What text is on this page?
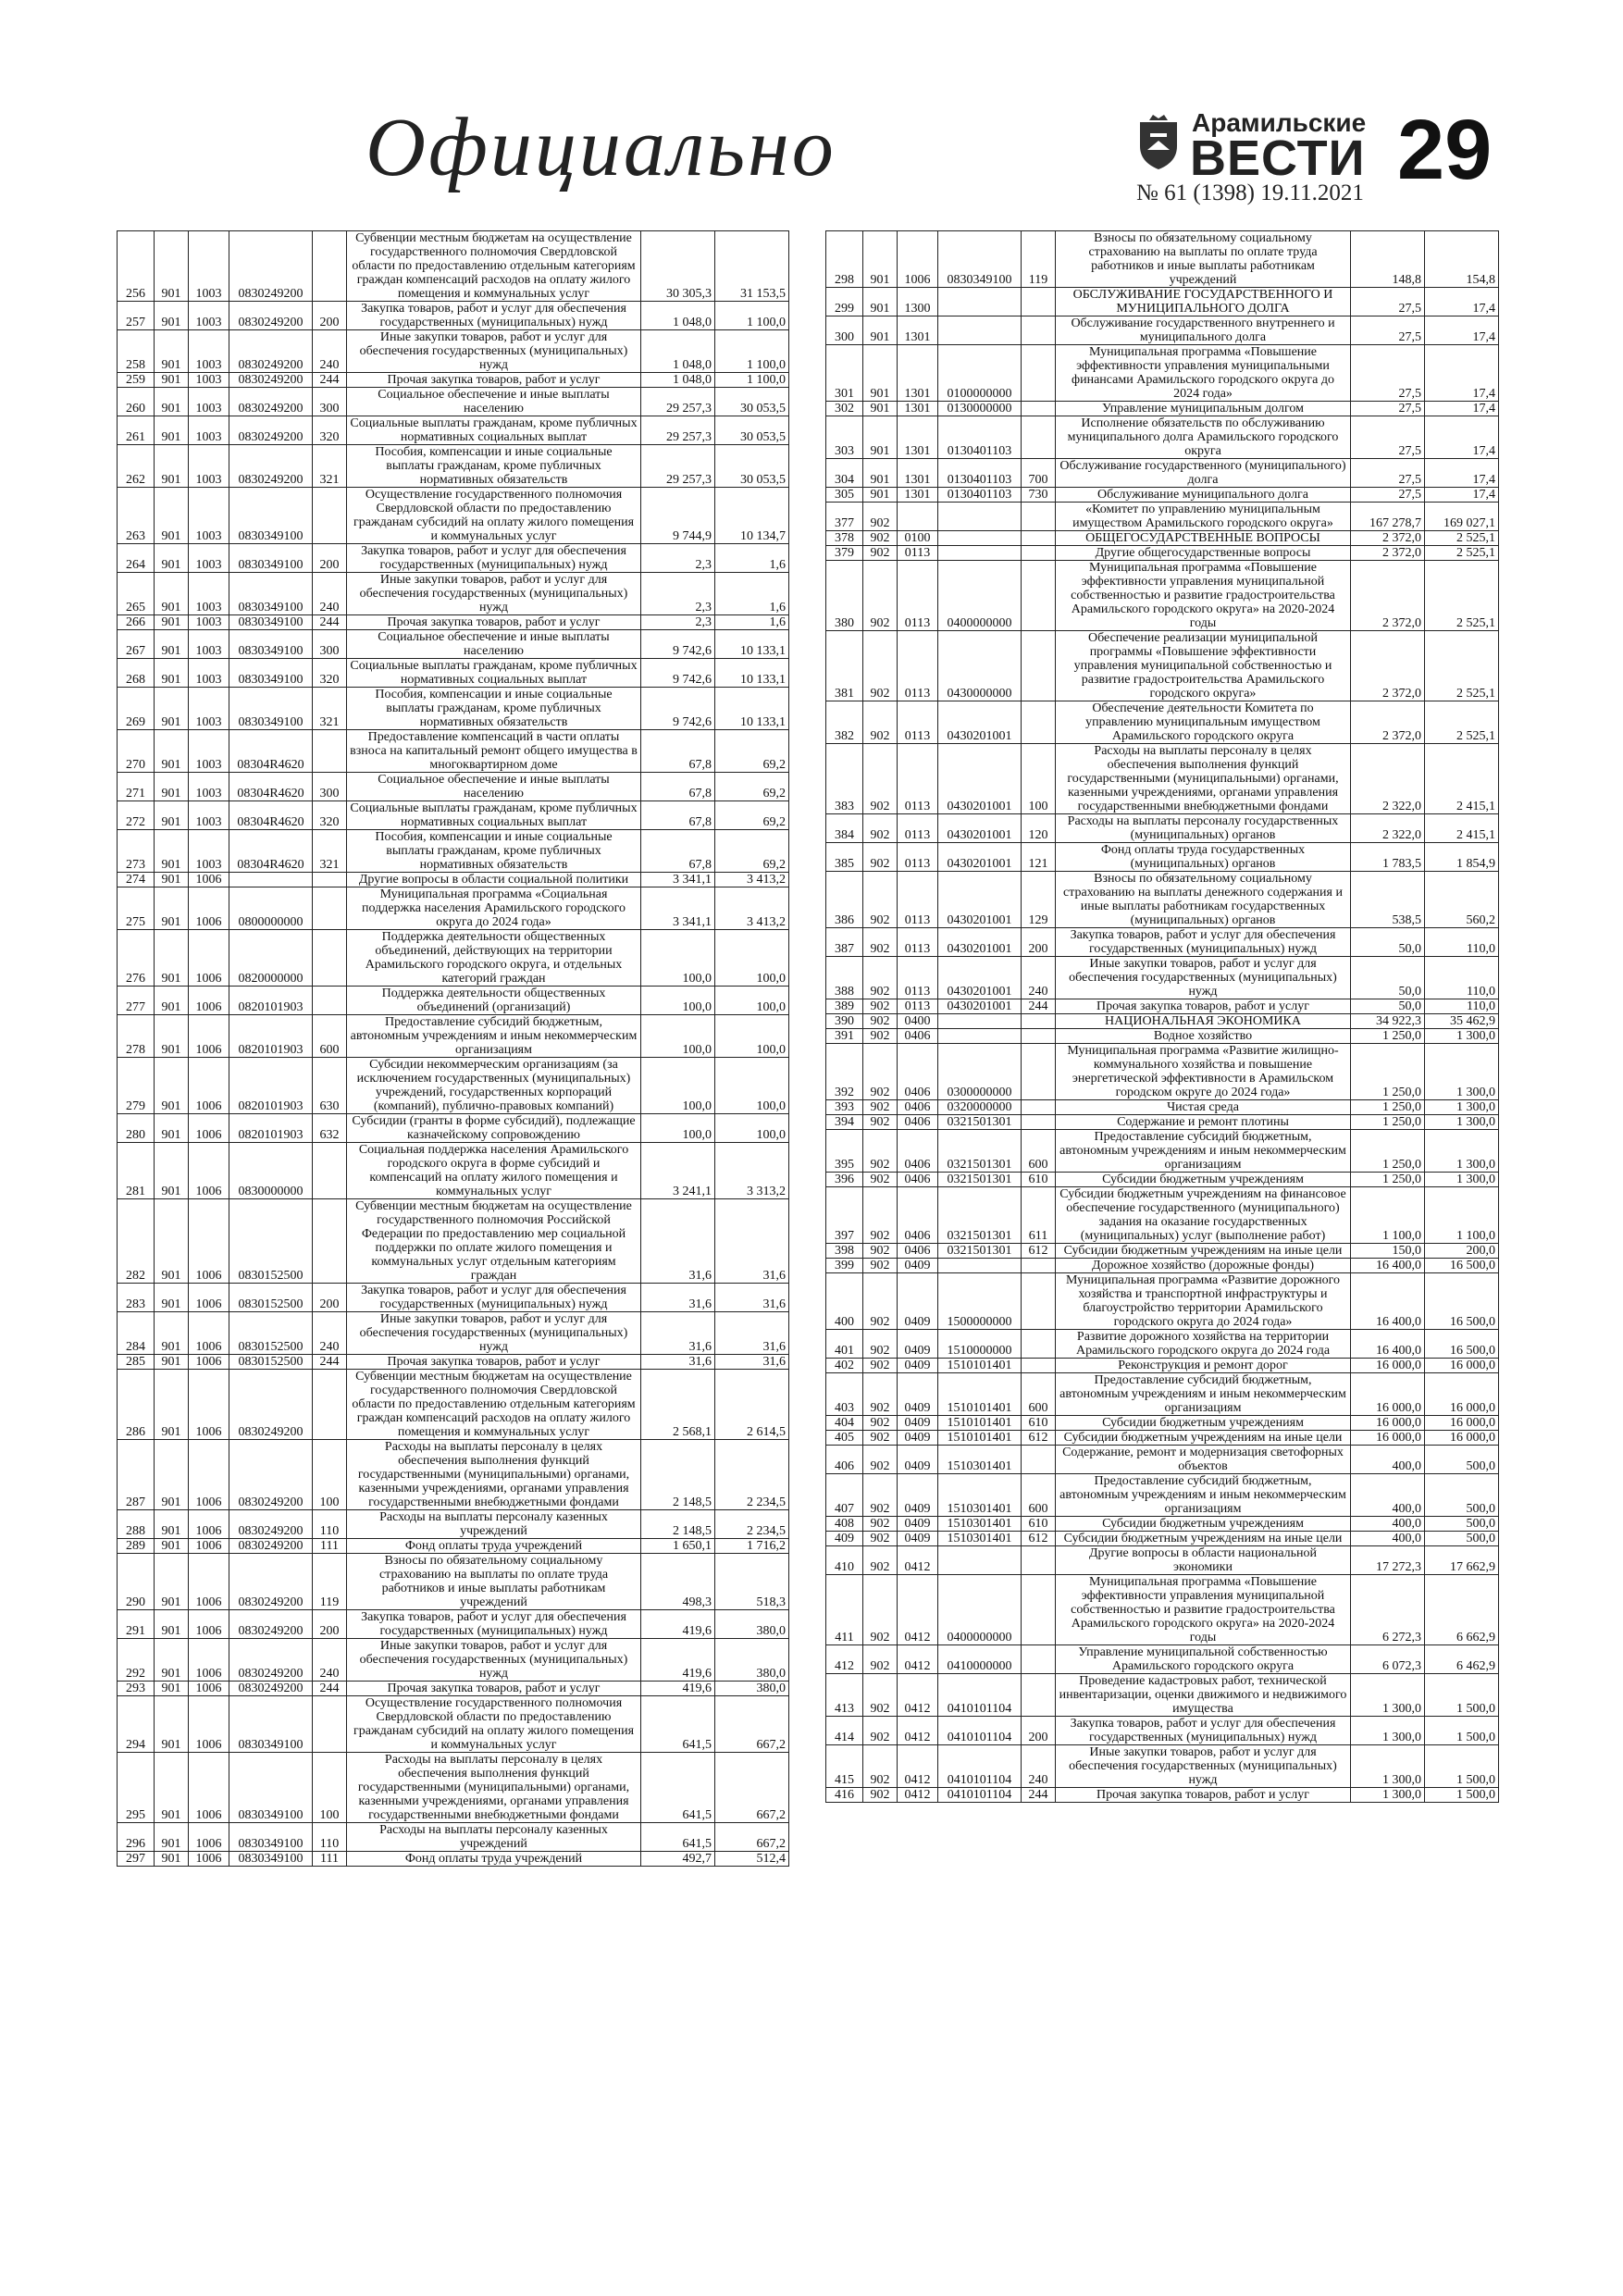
Официально	Арамильские
ВЕСТИ 29
№ 61 (1398) 19.11.2021
256	901	1003	0830249200		Субвенции местным бюджетам на осуществление государственного полномочия Свердловской области по предоставлению отдельным категориям граждан компенсаций расходов на оплату жилого помещения и коммунальных услуг	30 305,3	31 153,5
257	901	1003	0830249200	200	Закупка товаров, работ и услуг для обеспечения государственных (муниципальных) нужд	1 048,0	1 100,0
258	901	1003	0830249200	240	Иные закупки товаров, работ и услуг для обеспечения государственных (муниципальных) нужд	1 048,0	1 100,0
259	901	1003	0830249200	244	Прочая закупка товаров, работ и услуг	1 048,0	1 100,0
260	901	1003	0830249200	300	Социальное обеспечение и иные выплаты населению	29 257,3	30 053,5
261	901	1003	0830249200	320	Социальные выплаты гражданам, кроме публичных нормативных социальных выплат	29 257,3	30 053,5
262	901	1003	0830249200	321	Пособия, компенсации и иные социальные выплаты гражданам, кроме публичных нормативных обязательств	29 257,3	30 053,5
263	901	1003	0830349100		Осуществление государственного полномочия Свердловской области по предоставлению гражданам субсидий на оплату жилого помещения и коммунальных услуг	9 744,9	10 134,7
264	901	1003	0830349100	200	Закупка товаров, работ и услуг для обеспечения государственных (муниципальных) нужд	2,3	1,6
265	901	1003	0830349100	240	Иные закупки товаров, работ и услуг для обеспечения государственных (муниципальных) нужд	2,3	1,6
266	901	1003	0830349100	244	Прочая закупка товаров, работ и услуг	2,3	1,6
267	901	1003	0830349100	300	Социальное обеспечение и иные выплаты населению	9 742,6	10 133,1
268	901	1003	0830349100	320	Социальные выплаты гражданам, кроме публичных нормативных социальных выплат	9 742,6	10 133,1
269	901	1003	0830349100	321	Пособия, компенсации и иные социальные выплаты гражданам, кроме публичных нормативных обязательств	9 742,6	10 133,1
270	901	1003	08304R4620		Предоставление компенсаций в части оплаты взноса на капитальный ремонт общего имущества в многоквартирном доме	67,8	69,2
271	901	1003	08304R4620	300	Социальное обеспечение и иные выплаты населению	67,8	69,2
272	901	1003	08304R4620	320	Социальные выплаты гражданам, кроме публичных нормативных социальных выплат	67,8	69,2
273	901	1003	08304R4620	321	Пособия, компенсации и иные социальные выплаты гражданам, кроме публичных нормативных обязательств	67,8	69,2
274	901	1006			Другие вопросы в области социальной политики	3 341,1	3 413,2
275	901	1006	0800000000		Муниципальная программа «Социальная поддержка населения Арамильского городского округа до 2024 года»	3 341,1	3 413,2
276	901	1006	0820000000		Поддержка деятельности общественных объединений, действующих на территории Арамильского городского округа, и отдельных категорий граждан	100,0	100,0
277	901	1006	0820101903		Поддержка деятельности общественных объединений (организаций)	100,0	100,0
278	901	1006	0820101903	600	Предоставление субсидий бюджетным, автономным учреждениям и иным некоммерческим организациям	100,0	100,0
279	901	1006	0820101903	630	Субсидии некоммерческим организациям (за исключением государственных (муниципальных) учреждений, государственных корпораций (компаний), публично-правовых компаний)	100,0	100,0
280	901	1006	0820101903	632	Субсидии (гранты в форме субсидий), подлежащие казначейскому сопровождению	100,0	100,0
281	901	1006	0830000000		Социальная поддержка населения Арамильского городского округа в форме субсидий и компенсаций на оплату жилого помещения и коммунальных услуг	3 241,1	3 313,2
282	901	1006	0830152500		Субвенции местным бюджетам на осуществление государственного полномочия Российской Федерации по предоставлению мер социальной поддержки по оплате жилого помещения и коммунальных услуг отдельным категориям граждан	31,6	31,6
283	901	1006	0830152500	200	Закупка товаров, работ и услуг для обеспечения государственных (муниципальных) нужд	31,6	31,6
284	901	1006	0830152500	240	Иные закупки товаров, работ и услуг для обеспечения государственных (муниципальных) нужд	31,6	31,6
285	901	1006	0830152500	244	Прочая закупка товаров, работ и услуг	31,6	31,6
286	901	1006	0830249200		Субвенции местным бюджетам на осуществление государственного полномочия Свердловской области по предоставлению отдельным категориям граждан компенсаций расходов на оплату жилого помещения и коммунальных услуг	2 568,1	2 614,5
287	901	1006	0830249200	100	Расходы на выплаты персоналу в целях обеспечения выполнения функций государственными (муниципальными) органами, казенными учреждениями, органами управления государственными внебюджетными фондами	2 148,5	2 234,5
288	901	1006	0830249200	110	Расходы на выплаты персоналу казенных учреждений	2 148,5	2 234,5
289	901	1006	0830249200	111	Фонд оплаты труда учреждений	1 650,1	1 716,2
290	901	1006	0830249200	119	Взносы по обязательному социальному страхованию на выплаты по оплате труда работников и иные выплаты работникам учреждений	498,3	518,3
291	901	1006	0830249200	200	Закупка товаров, работ и услуг для обеспечения государственных (муниципальных) нужд	419,6	380,0
292	901	1006	0830249200	240	Иные закупки товаров, работ и услуг для обеспечения государственных (муниципальных) нужд	419,6	380,0
293	901	1006	0830249200	244	Прочая закупка товаров, работ и услуг	419,6	380,0
294	901	1006	0830349100		Осуществление государственного полномочия Свердловской области по предоставлению гражданам субсидий на оплату жилого помещения и коммунальных услуг	641,5	667,2
295	901	1006	0830349100	100	Расходы на выплаты персоналу в целях обеспечения выполнения функций государственными (муниципальными) органами, казенными учреждениями, органами управления государственными внебюджетными фондами	641,5	667,2
296	901	1006	0830349100	110	Расходы на выплаты персоналу казенных учреждений	641,5	667,2
297	901	1006	0830349100	111	Фонд оплаты труда учреждений	492,7	512,4
298	901	1006	0830349100	119	Взносы по обязательному социальному страхованию на выплаты по оплате труда работников и иные выплаты работникам учреждений	148,8	154,8
299	901	1300			ОБСЛУЖИВАНИЕ ГОСУДАРСТВЕННОГО И МУНИЦИПАЛЬНОГО ДОЛГА	27,5	17,4
300	901	1301			Обслуживание государственного внутреннего и муниципального долга	27,5	17,4
301	901	1301	0100000000		Муниципальная программа «Повышение эффективности управления муниципальными финансами Арамильского городского округа до 2024 года»	27,5	17,4
302	901	1301	0130000000		Управление муниципальным долгом	27,5	17,4
303	901	1301	0130401103		Исполнение обязательств по обслуживанию муниципального долга Арамильского городского округа	27,5	17,4
304	901	1301	0130401103	700	Обслуживание государственного (муниципального) долга	27,5	17,4
305	901	1301	0130401103	730	Обслуживание муниципального долга	27,5	17,4
377	902				«Комитет по управлению муниципальным имуществом Арамильского городского округа»	167 278,7	169 027,1
378	902	0100			ОБЩЕГОСУДАРСТВЕННЫЕ ВОПРОСЫ	2 372,0	2 525,1
379	902	0113			Другие общегосударственные вопросы	2 372,0	2 525,1
380	902	0113	0400000000		Муниципальная программа «Повышение эффективности управления муниципальной собственностью и развитие градостроительства Арамильского городского округа» на 2020-2024 годы	2 372,0	2 525,1
381	902	0113	0430000000		Обеспечение реализации муниципальной программы «Повышение эффективности управления муниципальной собственностью и развитие градостроительства Арамильского городского округа»	2 372,0	2 525,1
382	902	0113	0430201001		Обеспечение деятельности Комитета по управлению муниципальным имуществом Арамильского городского округа	2 372,0	2 525,1
383	902	0113	0430201001	100	Расходы на выплаты персоналу в целях обеспечения выполнения функций государственными (муниципальными) органами, казенными учреждениями, органами управления государственными внебюджетными фондами	2 322,0	2 415,1
384	902	0113	0430201001	120	Расходы на выплаты персоналу государственных (муниципальных) органов	2 322,0	2 415,1
385	902	0113	0430201001	121	Фонд оплаты труда государственных (муниципальных) органов	1 783,5	1 854,9
386	902	0113	0430201001	129	Взносы по обязательному социальному страхованию на выплаты денежного содержания и иные выплаты работникам государственных (муниципальных) органов	538,5	560,2
387	902	0113	0430201001	200	Закупка товаров, работ и услуг для обеспечения государственных (муниципальных) нужд	50,0	110,0
388	902	0113	0430201001	240	Иные закупки товаров, работ и услуг для обеспечения государственных (муниципальных) нужд	50,0	110,0
389	902	0113	0430201001	244	Прочая закупка товаров, работ и услуг	50,0	110,0
390	902	0400			НАЦИОНАЛЬНАЯ ЭКОНОМИКА	34 922,3	35 462,9
391	902	0406			Водное хозяйство	1 250,0	1 300,0
392	902	0406	0300000000		Муниципальная программа «Развитие жилищно-коммунального хозяйства и повышение энергетической эффективности в Арамильском городском округе до 2024 года»	1 250,0	1 300,0
393	902	0406	0320000000		Чистая среда	1 250,0	1 300,0
394	902	0406	0321501301		Содержание и ремонт плотины	1 250,0	1 300,0
395	902	0406	0321501301	600	Предоставление субсидий бюджетным, автономным учреждениям и иным некоммерческим организациям	1 250,0	1 300,0
396	902	0406	0321501301	610	Субсидии бюджетным учреждениям	1 250,0	1 300,0
397	902	0406	0321501301	611	Субсидии бюджетным учреждениям на финансовое обеспечение государственного (муниципального) задания на оказание государственных (муниципальных) услуг (выполнение работ)	1 100,0	1 100,0
398	902	0406	0321501301	612	Субсидии бюджетным учреждениям на иные цели	150,0	200,0
399	902	0409			Дорожное хозяйство (дорожные фонды)	16 400,0	16 500,0
400	902	0409	1500000000		Муниципальная программа «Развитие дорожного хозяйства и транспортной инфраструктуры и благоустройство территории Арамильского городского округа до 2024 года»	16 400,0	16 500,0
401	902	0409	1510000000		Развитие дорожного хозяйства на территории Арамильского городского округа до 2024 года	16 400,0	16 500,0
402	902	0409	1510101401		Реконструкция и ремонт дорог	16 000,0	16 000,0
403	902	0409	1510101401	600	Предоставление субсидий бюджетным, автономным учреждениям и иным некоммерческим организациям	16 000,0	16 000,0
404	902	0409	1510101401	610	Субсидии бюджетным учреждениям	16 000,0	16 000,0
405	902	0409	1510101401	612	Субсидии бюджетным учреждениям на иные цели	16 000,0	16 000,0
406	902	0409	1510301401		Содержание, ремонт и модернизация светофорных объектов	400,0	500,0
407	902	0409	1510301401	600	Предоставление субсидий бюджетным, автономным учреждениям и иным некоммерческим организациям	400,0	500,0
408	902	0409	1510301401	610	Субсидии бюджетным учреждениям	400,0	500,0
409	902	0409	1510301401	612	Субсидии бюджетным учреждениям на иные цели	400,0	500,0
410	902	0412			Другие вопросы в области национальной экономики	17 272,3	17 662,9
411	902	0412	0400000000		Муниципальная программа «Повышение эффективности управления муниципальной собственностью и развитие градостроительства Арамильского городского округа» на 2020-2024 годы	6 272,3	6 662,9
412	902	0412	0410000000		Управление муниципальной собственностью Арамильского городского округа	6 072,3	6 462,9
413	902	0412	0410101104		Проведение кадастровых работ, технической инвентаризации, оценки движимого и недвижимого имущества	1 300,0	1 500,0
414	902	0412	0410101104	200	Закупка товаров, работ и услуг для обеспечения государственных (муниципальных) нужд	1 300,0	1 500,0
415	902	0412	0410101104	240	Иные закупки товаров, работ и услуг для обеспечения государственных (муниципальных) нужд	1 300,0	1 500,0
416	902	0412	0410101104	244	Прочая закупка товаров, работ и услуг	1 300,0	1 500,0
